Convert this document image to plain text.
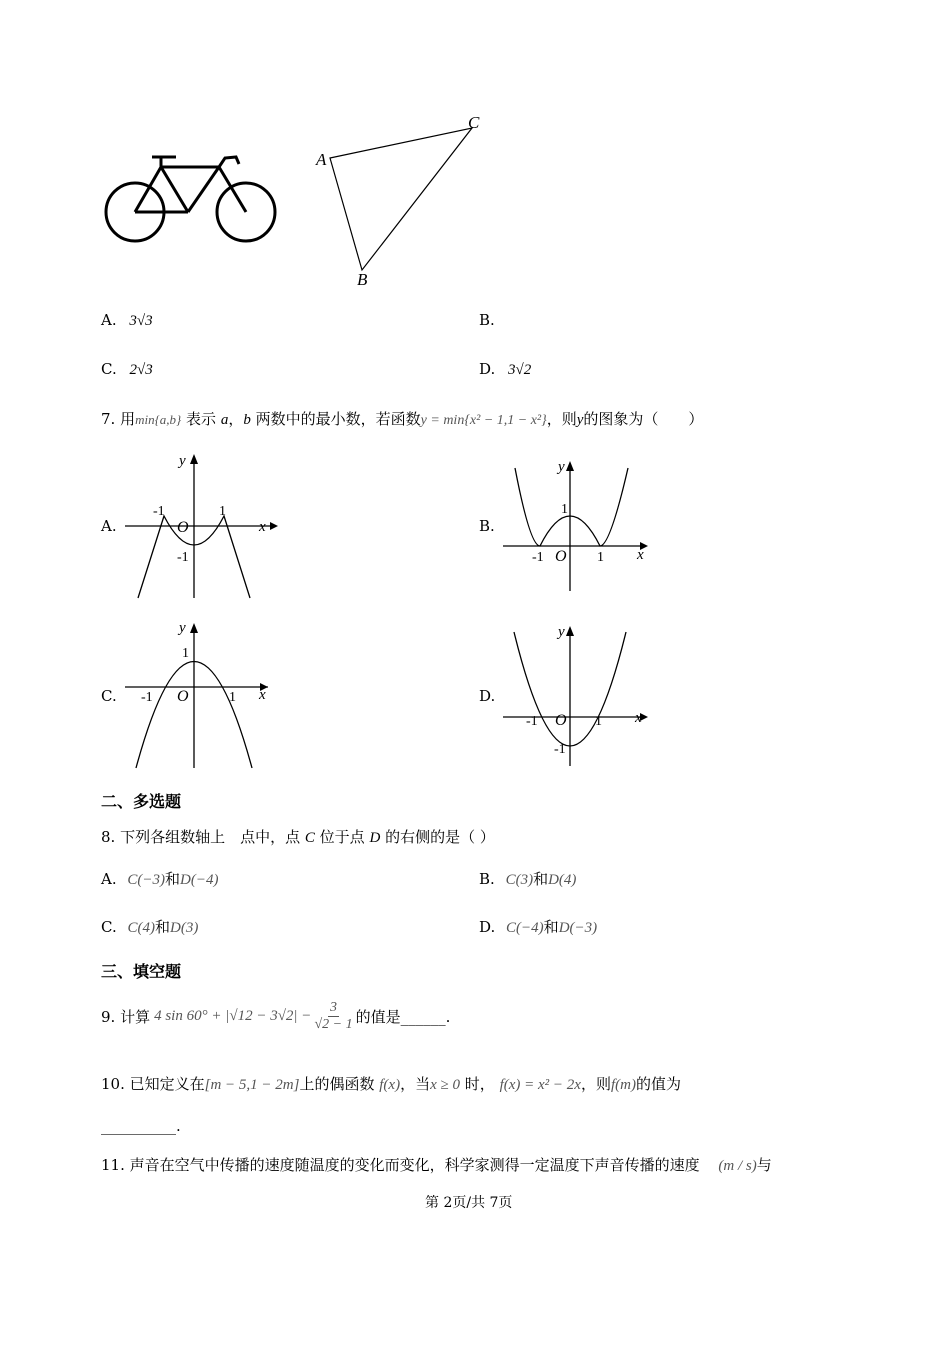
A
C
B
A. 3√3	B.
C. 2√3	D. 3√2
7. 用min{a,b} 表示 a，b 两数中的最小数，若函数y = min{x² − 1,1 − x²}，则y的图象为（　　）
A.	B.
C.	D.
y
x
O
-1	1
-1
y
x
O
1
-1	1
y
x
O
1
-1	1
y
x
O
-1	1
-1
二、多选题
8. 下列各组数轴上　点中，点 C 位于点 D 的右侧的是（ ）
A. C(−3)和D(−4)	B. C(3)和D(4)
C. C(4)和D(3)	D. C(−4)和D(−3)
三、填空题
9. 计算 4 $\sin 60^\circ + |√12 - 3√2| - \frac{3}{√2 - 1}$ 的值是______.
10. 已知定义在[m − 5,1 − 2m]上的偶函数 f(x)，当x ≥ 0 时， f(x) = x² − 2x，则f(m)的值为
__________.
11. 声音在空气中传播的速度随温度的变化而变化，科学家测得一定温度下声音传播的速度 (m / s)与
第 2页/共 7页
